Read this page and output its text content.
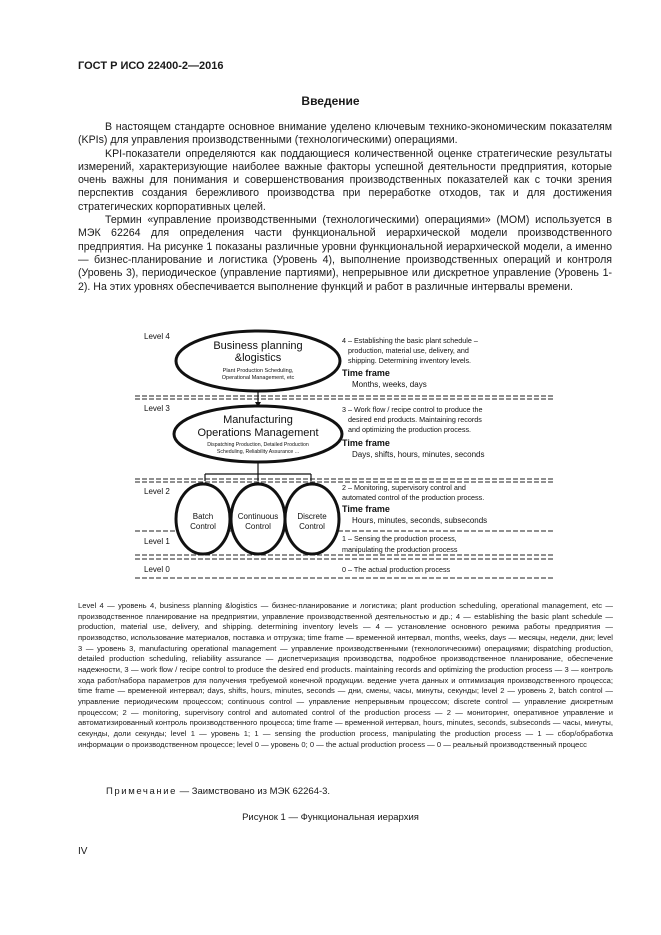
ГОСТ Р ИСО 22400-2—2016
Введение

В настоящем стандарте основное внимание уделено ключевым технико-экономическим показателям (KPIs) для управления производственными (технологическими) операциями.

KPI-показатели определяются как поддающиеся количественной оценке стратегические результаты измерений, характеризующие наиболее важные факторы успешной деятельности предприятия, которые очень важны для понимания и совершенствования производственных показателей как с точки зрения перспектив создания бережливого производства при переработке отходов, так и для достижения стратегических корпоративных целей.

Термин «управление производственными (технологическими) операциями» (МОМ) используется в МЭК 62264 для определения части функциональной иерархической модели производственного предприятия. На рисунке 1 показаны различные уровни функциональной иерархической модели, а именно — бизнес-планирование и логистика (Уровень 4), выполнение производственных операций и контроля (Уровень 3), периодическое (управление партиями), непрерывное или дискретное управление (Уровень 1-2). На этих уровнях обеспечивается выполнение функций и работ в различные интервалы времени.

Level 4
Level 3
Level 2
Level 1
Level 0
Business planning
&logistics
Plant Production Scheduling,
Operational Management, etc
Manufacturing
Operations Management
Dispatching Production, Detailed Production
Scheduling, Reliability Assurance ...
Batch
Control
Continuous
Control
Discrete
Control
4 – Establishing the basic plant schedule –
production, material use, delivery, and
shipping. Determining inventory levels.
Time frame
Months, weeks, days
3 – Work flow / recipe control to produce the
desired end products. Maintaining records
and optimizing the production process.
Time frame
Days, shifts, hours, minutes, seconds
2 – Monitoring, supervisory control and
automated control of the production process.
Time frame
Hours, minutes, seconds, subseconds
1 – Sensing the production process,
manipulating the production process
0 – The actual production process
Level 4 — уровень 4, business planning &logistics — бизнес-планирование и логистика; plant production scheduling, operational management, etc — производственное планирование на предприятии, управление производственной деятельностью и др.; 4 — establishing the basic plant schedule — production, material use, delivery, and shipping. determining inventory levels — 4 — установление основного режима работы предприятия — производство, использование материалов, поставка и отгрузка; time frame — временной интервал, months, weeks, days — месяцы, недели, дни; level 3 — уровень 3, manufacturing operational management — управление производственными (технологическими) операциями; dispatching production, detailed production scheduling, reliability assurance — диспетчеризация производства, подробное производственное планирование, обеспечение надежности, 3 — work flow / recipe control to produce the desired end products. maintaining records and optimizing the production process — 3 — контроль хода работ/набора параметров для получения требуемой конечной продукции. ведение учета данных и оптимизация производственного процесса; time frame — временной интервал; days, shifts, hours, minutes, seconds — дни, смены, часы, минуты, секунды; level 2 — уровень 2, batch control — управление периодическим процессом; continuous control — управление непрерывным процессом; discrete control — управление дискретным процессом; 2 — monitoring, supervisory control and automated control of the production process — 2 — мониторинг, оперативное управление и автоматизированный контроль производственного процесса; time frame — временной интервал, hours, minutes, seconds, subseconds — часы, минуты, секунды, доли секунды; level 1 — уровень 1; 1 — sensing the production process, manipulating the production process — 1 — сбор/обработка информации о производственном процессе; level 0 — уровень 0; 0 — the actual production process — 0 — реальный производственный процесс
Примечание — Заимствовано из МЭК 62264-3.
Рисунок 1 — Функциональная иерархия
IV
